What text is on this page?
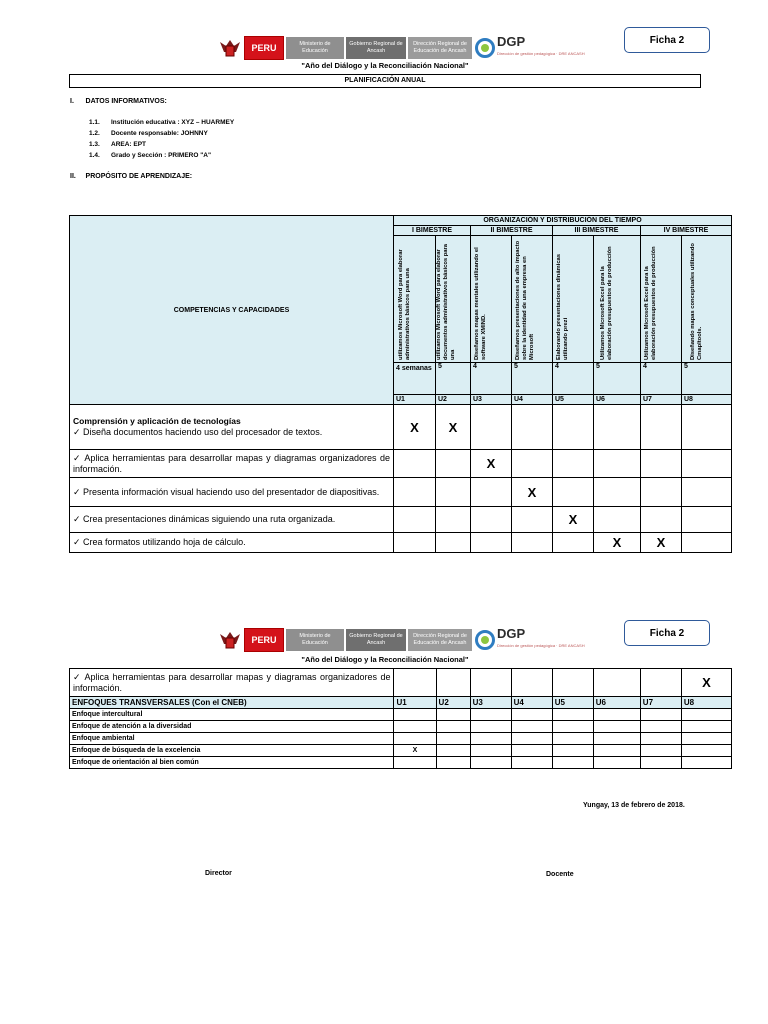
PERU	Ministerio de Educación
Gobierno Regional de Ancash
Dirección Regional de Educación de Ancash
DGP
Dirección de gestión pedagógica · DRE ANCASH
"Año del Diálogo y la Reconciliación Nacional"
Ficha 2
PLANIFICACIÓN ANUAL
I.      DATOS INFORMATIVOS:
1.1. Institución educativa : XYZ – HUARMEY
1.2. Docente responsable: JOHNNY
1.3. AREA: EPT
1.4. Grado y Sección : PRIMERO "A"
II.     PROPÓSITO DE APRENDIZAJE:
COMPETENCIAS Y CAPACIDADES	ORGANIZACIÓN Y DISTRIBUCIÓN DEL TIEMPO							
	I BIMESTRE		II BIMESTRE		III BIMESTRE		IV BIMESTRE	

	utilizamos Microsoft Word para elaborar administrativos básicos para una	utilizamos Microsoft Word para elaborar documentos administrativos básicos para una	Diseñamos mapas mentales utilizando el software XMIND.	Diseñamos presentaciones de alto impacto sobre la identidad de una empresa en Microsoft	Elaborando presentaciones dinámicas utilizando prezi	Utilizamos Microsoft Excel para la elaboración presupuestos de producción	Utilizamos Microsoft Excel para la elaboración presupuestos de producción	Diseñando mapas conceptuales utilizando Cmapltools.

	4 semanas	5	4	5	4	5	4	5
	U1	U2	U3	U4	U5	U6	U7	U8

Comprensión y aplicación de tecnologías
✓ Diseña documentos haciendo uso del procesador de textos.	X	X						
✓ Aplica herramientas para desarrollar mapas y diagramas organizadores de información.			X					
✓ Presenta información visual haciendo uso del presentador de diapositivas.				X				
✓ Crea presentaciones dinámicas siguiendo una ruta organizada.					X			
✓ Crea formatos utilizando hoja de cálculo.						X	X	
PERU	Ministerio de Educación
Gobierno Regional de Ancash
Dirección Regional de Educación de Ancash
DGP
Dirección de gestión pedagógica · DRE ANCASH
"Año del Diálogo y la Reconciliación Nacional"
Ficha 2
✓ Aplica herramientas para desarrollar mapas y diagramas organizadores de información.								X
ENFOQUES TRANSVERSALES (Con el CNEB)	U1	U2	U3	U4	U5	U6	U7	U8
Enfoque intercultural								
Enfoque de atención a la diversidad								
Enfoque ambiental								
Enfoque de búsqueda de la excelencia	X							
Enfoque de orientación al bien común								
Yungay, 13 de febrero de 2018.
Director	Docente
